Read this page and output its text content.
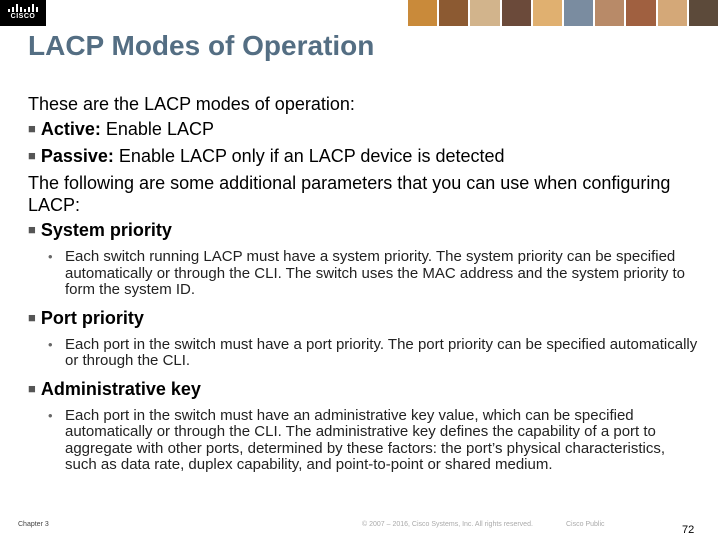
CISCO
LACP Modes of Operation

These are the LACP modes of operation:

■ Active: Enable LACP

■ Passive: Enable LACP only if an LACP device is detected

The following are some additional parameters that you can use when configuring LACP:

■ System priority

• Each switch running LACP must have a system priority. The system priority can be specified automatically or through the CLI. The switch uses the MAC address and the system priority to form the system ID.

■ Port priority

• Each port in the switch must have a port priority. The port priority can be specified automatically or through the CLI.

■ Administrative key

• Each port in the switch must have an administrative key value, which can be specified automatically or through the CLI. The administrative key defines the capability of a port to aggregate with other ports, determined by these factors: the port’s physical characteristics, such as data rate, duplex capability, and point-to-point or shared medium.
Chapter 3	© 2007 – 2016, Cisco Systems, Inc. All rights reserved.	Cisco Public	72
